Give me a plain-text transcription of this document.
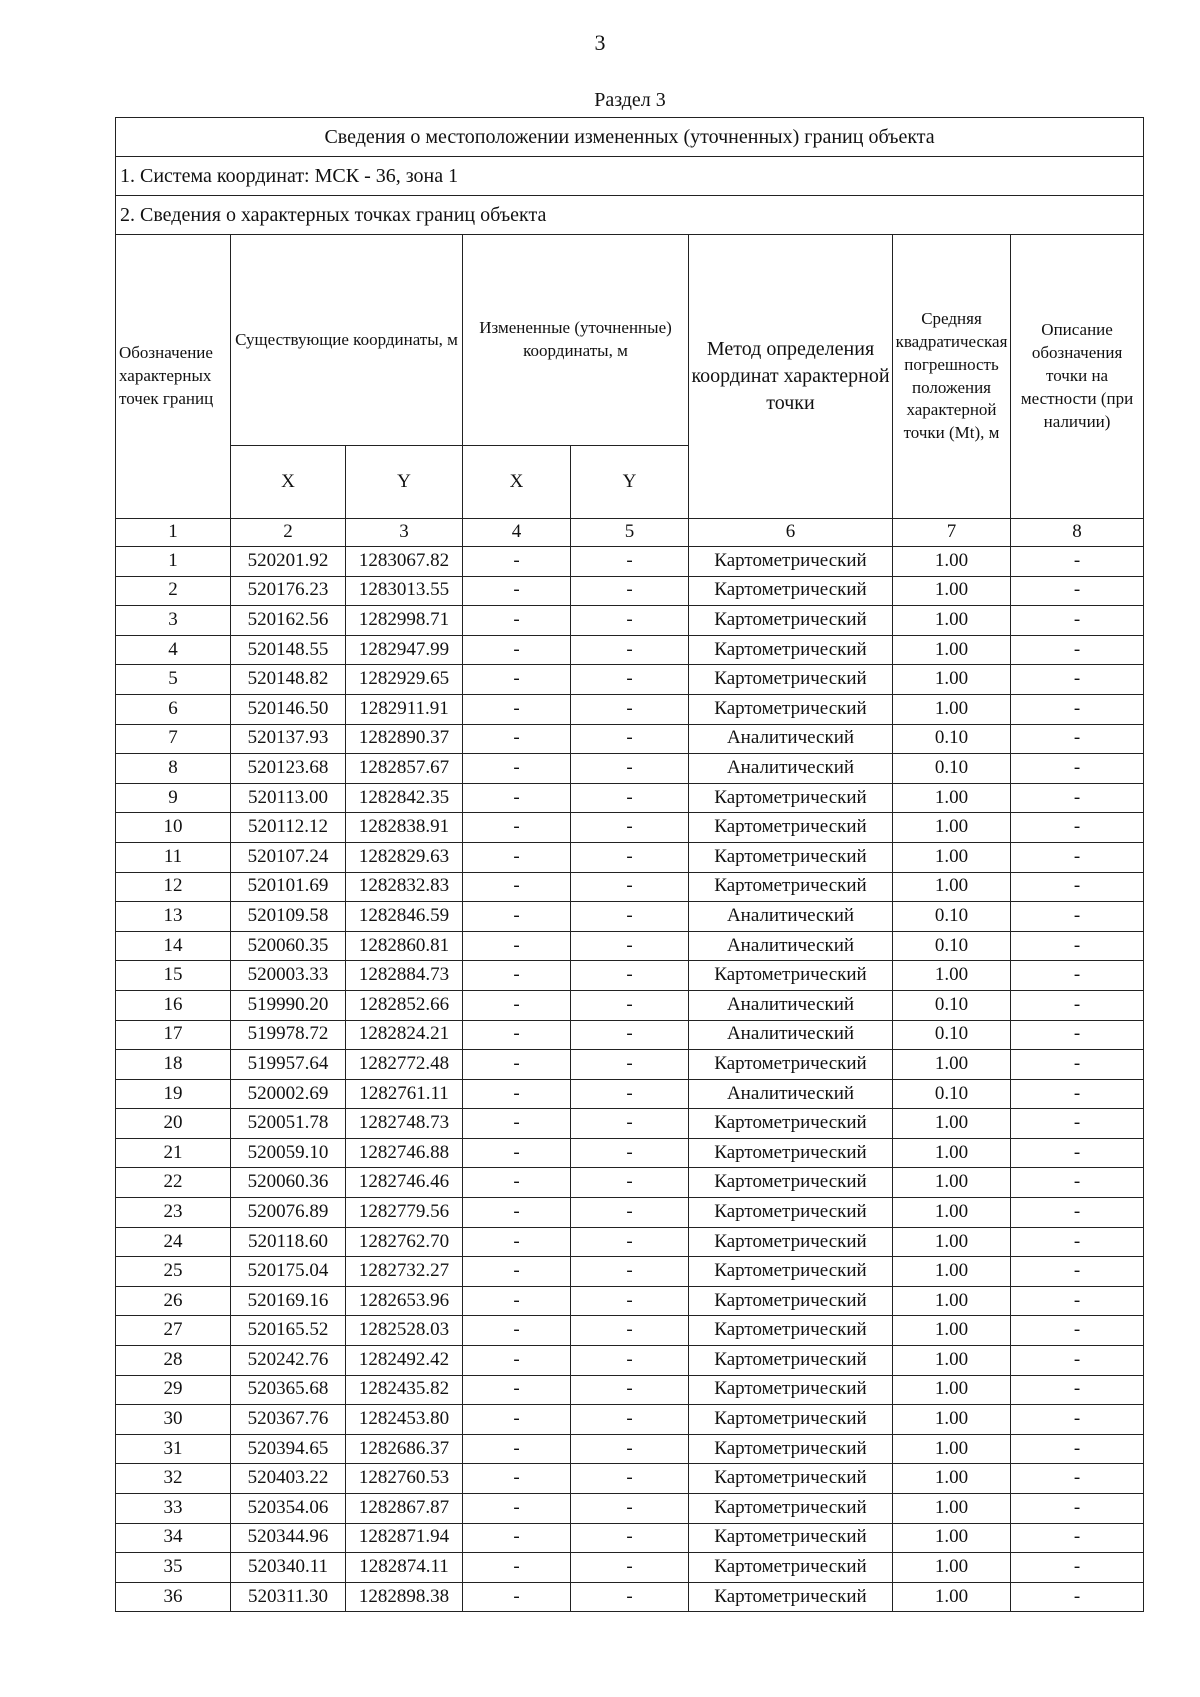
3
Раздел 3
Сведения о местоположении измененных (уточненных) границ объекта							
1. Система координат: МСК - 36, зона 1							
2. Сведения о характерных точках границ объекта							
Обозначение характерных точек границ	Существующие координаты, м		Измененные (уточненные) координаты, м		Метод определения координат характерной точки	Средняя квадратическая погрешность положения характерной точки (Mt), м	Описание обозначения точки на местности (при наличии)
	X	Y	X	Y			
1	2	3	4	5	6	7	8
1	520201.92	1283067.82	-	-	Картометрический	1.00	-
2	520176.23	1283013.55	-	-	Картометрический	1.00	-
3	520162.56	1282998.71	-	-	Картометрический	1.00	-
4	520148.55	1282947.99	-	-	Картометрический	1.00	-
5	520148.82	1282929.65	-	-	Картометрический	1.00	-
6	520146.50	1282911.91	-	-	Картометрический	1.00	-
7	520137.93	1282890.37	-	-	Аналитический	0.10	-
8	520123.68	1282857.67	-	-	Аналитический	0.10	-
9	520113.00	1282842.35	-	-	Картометрический	1.00	-
10	520112.12	1282838.91	-	-	Картометрический	1.00	-
11	520107.24	1282829.63	-	-	Картометрический	1.00	-
12	520101.69	1282832.83	-	-	Картометрический	1.00	-
13	520109.58	1282846.59	-	-	Аналитический	0.10	-
14	520060.35	1282860.81	-	-	Аналитический	0.10	-
15	520003.33	1282884.73	-	-	Картометрический	1.00	-
16	519990.20	1282852.66	-	-	Аналитический	0.10	-
17	519978.72	1282824.21	-	-	Аналитический	0.10	-
18	519957.64	1282772.48	-	-	Картометрический	1.00	-
19	520002.69	1282761.11	-	-	Аналитический	0.10	-
20	520051.78	1282748.73	-	-	Картометрический	1.00	-
21	520059.10	1282746.88	-	-	Картометрический	1.00	-
22	520060.36	1282746.46	-	-	Картометрический	1.00	-
23	520076.89	1282779.56	-	-	Картометрический	1.00	-
24	520118.60	1282762.70	-	-	Картометрический	1.00	-
25	520175.04	1282732.27	-	-	Картометрический	1.00	-
26	520169.16	1282653.96	-	-	Картометрический	1.00	-
27	520165.52	1282528.03	-	-	Картометрический	1.00	-
28	520242.76	1282492.42	-	-	Картометрический	1.00	-
29	520365.68	1282435.82	-	-	Картометрический	1.00	-
30	520367.76	1282453.80	-	-	Картометрический	1.00	-
31	520394.65	1282686.37	-	-	Картометрический	1.00	-
32	520403.22	1282760.53	-	-	Картометрический	1.00	-
33	520354.06	1282867.87	-	-	Картометрический	1.00	-
34	520344.96	1282871.94	-	-	Картометрический	1.00	-
35	520340.11	1282874.11	-	-	Картометрический	1.00	-
36	520311.30	1282898.38	-	-	Картометрический	1.00	-
